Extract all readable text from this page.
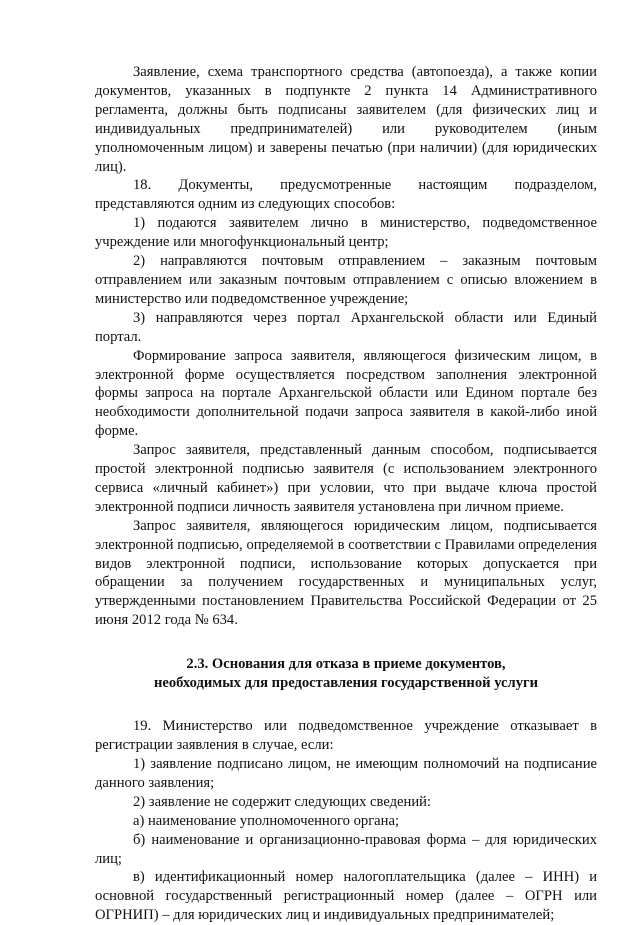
Заявление, схема транспортного средства (автопоезда), а также копии документов, указанных в подпункте 2 пункта 14 Административного регламента, должны быть подписаны заявителем (для физических лиц и индивидуальных предпринимателей) или руководителем (иным уполномоченным лицом) и заверены печатью (при наличии) (для юридических лиц).

18. Документы, предусмотренные настоящим подразделом, представляются одним из следующих способов:

1) подаются заявителем лично в министерство, подведомственное учреждение или многофункциональный центр;

2) направляются почтовым отправлением – заказным почтовым отправлением или заказным почтовым отправлением с описью вложением в министерство или подведомственное учреждение;

3) направляются через портал Архангельской области или Единый портал.

Формирование запроса заявителя, являющегося физическим лицом, в электронной форме осуществляется посредством заполнения электронной формы запроса на портале Архангельской области или Едином портале без необходимости дополнительной подачи запроса заявителя в какой-либо иной форме.

Запрос заявителя, представленный данным способом, подписывается простой электронной подписью заявителя (с использованием электронного сервиса «личный кабинет») при условии, что при выдаче ключа простой электронной подписи личность заявителя установлена при личном приеме.

Запрос заявителя, являющегося юридическим лицом, подписывается электронной подписью, определяемой в соответствии с Правилами определения видов электронной подписи, использование которых допускается при обращении за получением государственных и муниципальных услуг, утвержденными постановлением Правительства Российской Федерации от 25 июня 2012 года № 634.

2.3. Основания для отказа в приеме документов,
необходимых для предоставления государственной услуги

19. Министерство или подведомственное учреждение отказывает в регистрации заявления в случае, если:

1) заявление подписано лицом, не имеющим полномочий на подписание данного заявления;

2) заявление не содержит следующих сведений:

а) наименование уполномоченного органа;

б) наименование и организационно-правовая форма – для юридических лиц;

в) идентификационный номер налогоплательщика (далее – ИНН) и основной государственный регистрационный номер (далее – ОГРН или ОГРНИП) – для юридических лиц и индивидуальных предпринимателей;
